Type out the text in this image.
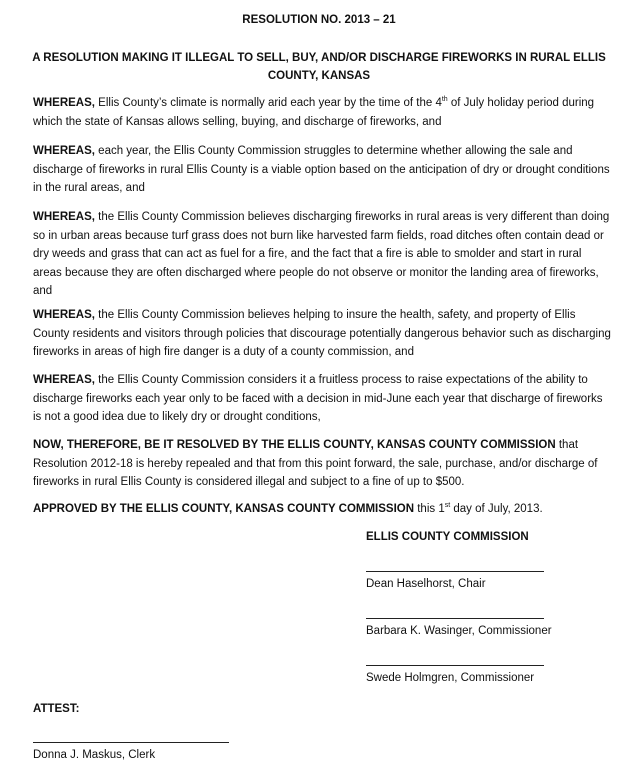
RESOLUTION NO. 2013 – 21
A RESOLUTION MAKING IT ILLEGAL TO SELL, BUY, AND/OR DISCHARGE FIREWORKS IN RURAL ELLIS
COUNTY, KANSAS

WHEREAS, Ellis County’s climate is normally arid each year by the time of the 4th of July holiday period during which the state of Kansas allows selling, buying, and discharge of fireworks, and

WHEREAS, each year, the Ellis County Commission struggles to determine whether allowing the sale and discharge of fireworks in rural Ellis County is a viable option based on the anticipation of dry or drought conditions in the rural areas, and

WHEREAS, the Ellis County Commission believes discharging fireworks in rural areas is very different than doing so in urban areas because turf grass does not burn like harvested farm fields, road ditches often contain dead or dry weeds and grass that can act as fuel for a fire, and the fact that a fire is able to smolder and start in rural areas because they are often discharged where people do not observe or monitor the landing area of fireworks, and

WHEREAS, the Ellis County Commission believes helping to insure the health, safety, and property of Ellis County residents and visitors through policies that discourage potentially dangerous behavior such as discharging fireworks in areas of high fire danger is a duty of a county commission, and

WHEREAS, the Ellis County Commission considers it a fruitless process to raise expectations of the ability to discharge fireworks each year only to be faced with a decision in mid-June each year that discharge of fireworks is not a good idea due to likely dry or drought conditions,

NOW, THEREFORE, BE IT RESOLVED BY THE ELLIS COUNTY, KANSAS COUNTY COMMISSION that Resolution 2012-18 is hereby repealed and that from this point forward, the sale, purchase, and/or discharge of fireworks in rural Ellis County is considered illegal and subject to a fine of up to $500.

APPROVED BY THE ELLIS COUNTY, KANSAS COUNTY COMMISSION this 1st day of July, 2013.

ELLIS COUNTY COMMISSION
Dean Haselhorst, Chair
Barbara K. Wasinger, Commissioner
Swede Holmgren, Commissioner
ATTEST:
Donna J. Maskus, Clerk
